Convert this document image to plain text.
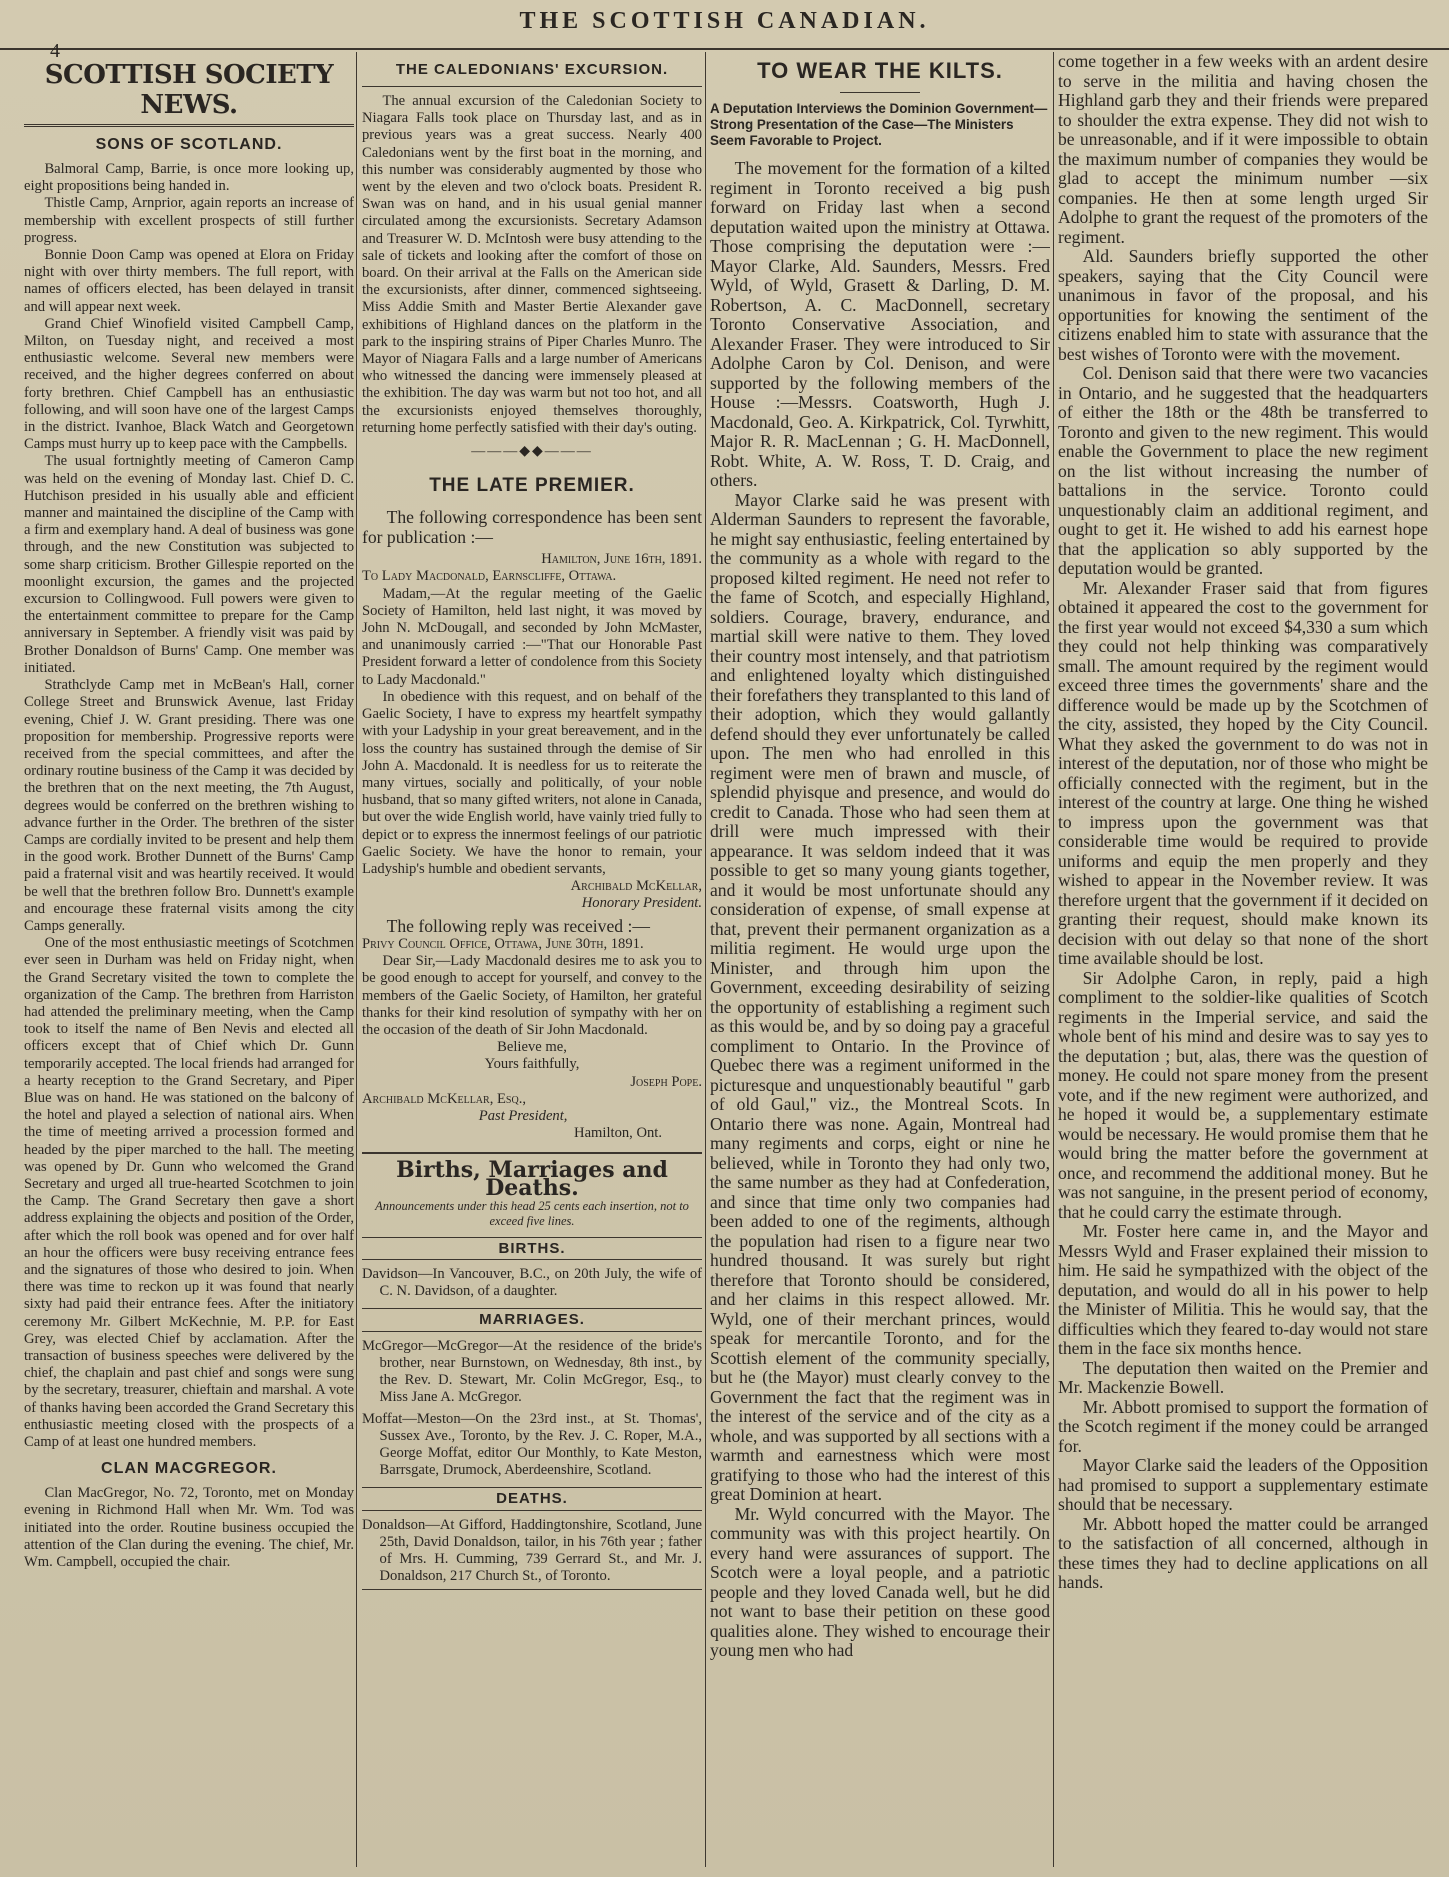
THE SCOTTISH CANADIAN.
4
SCOTTISH SOCIETY NEWS.
SONS OF SCOTLAND.

Balmoral Camp, Barrie, is once more looking up, eight propositions being handed in.

Thistle Camp, Arnprior, again reports an increase of membership with excellent prospects of still further progress.

Bonnie Doon Camp was opened at Elora on Friday night with over thirty members. The full report, with names of officers elected, has been delayed in transit and will appear next week.

Grand Chief Winofield visited Campbell Camp, Milton, on Tuesday night, and received a most enthusiastic welcome. Several new members were received, and the higher degrees conferred on about forty brethren. Chief Campbell has an enthusiastic following, and will soon have one of the largest Camps in the district. Ivanhoe, Black Watch and Georgetown Camps must hurry up to keep pace with the Campbells.

The usual fortnightly meeting of Cameron Camp was held on the evening of Monday last. Chief D. C. Hutchison presided in his usually able and efficient manner and maintained the discipline of the Camp with a firm and exemplary hand. A deal of business was gone through, and the new Constitution was subjected to some sharp criticism. Brother Gillespie reported on the moonlight excursion, the games and the projected excursion to Collingwood. Full powers were given to the entertainment committee to prepare for the Camp anniversary in September. A friendly visit was paid by Brother Donaldson of Burns' Camp. One member was initiated.

Strathclyde Camp met in McBean's Hall, corner College Street and Brunswick Avenue, last Friday evening, Chief J. W. Grant presiding. There was one proposition for membership. Progressive reports were received from the special committees, and after the ordinary routine business of the Camp it was decided by the brethren that on the next meeting, the 7th August, degrees would be conferred on the brethren wishing to advance further in the Order. The brethren of the sister Camps are cordially invited to be present and help them in the good work. Brother Dunnett of the Burns' Camp paid a fraternal visit and was heartily received. It would be well that the brethren follow Bro. Dunnett's example and encourage these fraternal visits among the city Camps generally.

One of the most enthusiastic meetings of Scotchmen ever seen in Durham was held on Friday night, when the Grand Secretary visited the town to complete the organization of the Camp. The brethren from Harriston had attended the preliminary meeting, when the Camp took to itself the name of Ben Nevis and elected all officers except that of Chief which Dr. Gunn temporarily accepted. The local friends had arranged for a hearty reception to the Grand Secretary, and Piper Blue was on hand. He was stationed on the balcony of the hotel and played a selection of national airs. When the time of meeting arrived a procession formed and headed by the piper marched to the hall. The meeting was opened by Dr. Gunn who welcomed the Grand Secretary and urged all true-hearted Scotchmen to join the Camp. The Grand Secretary then gave a short address explaining the objects and position of the Order, after which the roll book was opened and for over half an hour the officers were busy receiving entrance fees and the signatures of those who desired to join. When there was time to reckon up it was found that nearly sixty had paid their entrance fees. After the initiatory ceremony Mr. Gilbert McKechnie, M. P.P. for East Grey, was elected Chief by acclamation. After the transaction of business speeches were delivered by the chief, the chaplain and past chief and songs were sung by the secretary, treasurer, chieftain and marshal. A vote of thanks having been accorded the Grand Secretary this enthusiastic meeting closed with the prospects of a Camp of at least one hundred members.

CLAN MACGREGOR.

Clan MacGregor, No. 72, Toronto, met on Monday evening in Richmond Hall when Mr. Wm. Tod was initiated into the order. Routine business occupied the attention of the Clan during the evening. The chief, Mr. Wm. Campbell, occupied the chair.

THE CALEDONIANS' EXCURSION.

The annual excursion of the Caledonian Society to Niagara Falls took place on Thursday last, and as in previous years was a great success. Nearly 400 Caledonians went by the first boat in the morning, and this number was considerably augmented by those who went by the eleven and two o'clock boats. President R. Swan was on hand, and in his usual genial manner circulated among the excursionists. Secretary Adamson and Treasurer W. D. McIntosh were busy attending to the sale of tickets and looking after the comfort of those on board. On their arrival at the Falls on the American side the excursionists, after dinner, commenced sightseeing. Miss Addie Smith and Master Bertie Alexander gave exhibitions of Highland dances on the platform in the park to the inspiring strains of Piper Charles Munro. The Mayor of Niagara Falls and a large number of Americans who witnessed the dancing were immensely pleased at the exhibition. The day was warm but not too hot, and all the excursionists enjoyed themselves thoroughly, returning home perfectly satisfied with their day's outing.

———◆◆———
THE LATE PREMIER.

The following correspondence has been sent for publication :—

Hamilton, June 16th, 1891.
To Lady Macdonald, Earnscliffe, Ottawa.

Madam,—At the regular meeting of the Gaelic Society of Hamilton, held last night, it was moved by John N. McDougall, and seconded by John McMaster, and unanimously carried :—"That our Honorable Past President forward a letter of condolence from this Society to Lady Macdonald."

In obedience with this request, and on behalf of the Gaelic Society, I have to express my heartfelt sympathy with your Ladyship in your great bereavement, and in the loss the country has sustained through the demise of Sir John A. Macdonald. It is needless for us to reiterate the many virtues, socially and politically, of your noble husband, that so many gifted writers, not alone in Canada, but over the wide English world, have vainly tried fully to depict or to express the innermost feelings of our patriotic Gaelic Society. We have the honor to remain, your Ladyship's humble and obedient servants,

Archibald McKellar,
Honorary President.

The following reply was received :—

Privy Council Office, Ottawa, June 30th, 1891.

Dear Sir,—Lady Macdonald desires me to ask you to be good enough to accept for yourself, and convey to the members of the Gaelic Society, of Hamilton, her grateful thanks for their kind resolution of sympathy with her on the occasion of the death of Sir John Macdonald.

Believe me,
Yours faithfully,
Joseph Pope.
Archibald McKellar, Esq.,
Past President,
Hamilton, Ont.
Births, Marriages and Deaths.
Announcements under this head 25 cents each insertion, not to exceed five lines.
BIRTHS.

Davidson—In Vancouver, B.C., on 20th July, the wife of C. N. Davidson, of a daughter.

MARRIAGES.

McGregor—McGregor—At the residence of the bride's brother, near Burnstown, on Wednesday, 8th inst., by the Rev. D. Stewart, Mr. Colin McGregor, Esq., to Miss Jane A. McGregor.

Moffat—Meston—On the 23rd inst., at St. Thomas', Sussex Ave., Toronto, by the Rev. J. C. Roper, M.A., George Moffat, editor Our Monthly, to Kate Meston, Barrsgate, Drumock, Aberdeenshire, Scotland.

DEATHS.

Donaldson—At Gifford, Haddingtonshire, Scotland, June 25th, David Donaldson, tailor, in his 76th year ; father of Mrs. H. Cumming, 739 Gerrard St., and Mr. J. Donaldson, 217 Church St., of Toronto.

TO WEAR THE KILTS.
A Deputation Interviews the Dominion Government—Strong Presentation of the Case—The Ministers Seem Favorable to Project.

The movement for the formation of a kilted regiment in Toronto received a big push forward on Friday last when a second deputation waited upon the ministry at Ottawa. Those comprising the deputation were :—Mayor Clarke, Ald. Saunders, Messrs. Fred Wyld, of Wyld, Grasett & Darling, D. M. Robertson, A. C. MacDonnell, secretary Toronto Conservative Association, and Alexander Fraser. They were introduced to Sir Adolphe Caron by Col. Denison, and were supported by the following members of the House :—Messrs. Coatsworth, Hugh J. Macdonald, Geo. A. Kirkpatrick, Col. Tyrwhitt, Major R. R. MacLennan ; G. H. MacDonnell, Robt. White, A. W. Ross, T. D. Craig, and others.

Mayor Clarke said he was present with Alderman Saunders to represent the favorable, he might say enthusiastic, feeling entertained by the community as a whole with regard to the proposed kilted regiment. He need not refer to the fame of Scotch, and especially Highland, soldiers. Courage, bravery, endurance, and martial skill were native to them. They loved their country most intensely, and that patriotism and enlightened loyalty which distinguished their forefathers they transplanted to this land of their adoption, which they would gallantly defend should they ever unfortunately be called upon. The men who had enrolled in this regiment were men of brawn and muscle, of splendid phyisque and presence, and would do credit to Canada. Those who had seen them at drill were much impressed with their appearance. It was seldom indeed that it was possible to get so many young giants together, and it would be most unfortunate should any consideration of expense, of small expense at that, prevent their permanent organization as a militia regiment. He would urge upon the Minister, and through him upon the Government, exceeding desirability of seizing the opportunity of establishing a regiment such as this would be, and by so doing pay a graceful compliment to Ontario. In the Province of Quebec there was a regiment uniformed in the picturesque and unquestionably beautiful " garb of old Gaul," viz., the Montreal Scots. In Ontario there was none. Again, Montreal had many regiments and corps, eight or nine he believed, while in Toronto they had only two, the same number as they had at Confederation, and since that time only two companies had been added to one of the regiments, although the population had risen to a figure near two hundred thousand. It was surely but right therefore that Toronto should be considered, and her claims in this respect allowed. Mr. Wyld, one of their merchant princes, would speak for mercantile Toronto, and for the Scottish element of the community specially, but he (the Mayor) must clearly convey to the Government the fact that the regiment was in the interest of the service and of the city as a whole, and was supported by all sections with a warmth and earnestness which were most gratifying to those who had the interest of this great Dominion at heart.

Mr. Wyld concurred with the Mayor. The community was with this project heartily. On every hand were assurances of support. The Scotch were a loyal people, and a patriotic people and they loved Canada well, but he did not want to base their petition on these good qualities alone. They wished to encourage their young men who had

come together in a few weeks with an ardent desire to serve in the militia and having chosen the Highland garb they and their friends were prepared to shoulder the extra expense. They did not wish to be unreasonable, and if it were impossible to obtain the maximum number of companies they would be glad to accept the minimum number —six companies. He then at some length urged Sir Adolphe to grant the request of the promoters of the regiment.

Ald. Saunders briefly supported the other speakers, saying that the City Council were unanimous in favor of the proposal, and his opportunities for knowing the sentiment of the citizens enabled him to state with assurance that the best wishes of Toronto were with the movement.

Col. Denison said that there were two vacancies in Ontario, and he suggested that the headquarters of either the 18th or the 48th be transferred to Toronto and given to the new regiment. This would enable the Government to place the new regiment on the list without increasing the number of battalions in the service. Toronto could unquestionably claim an additional regiment, and ought to get it. He wished to add his earnest hope that the application so ably supported by the deputation would be granted.

Mr. Alexander Fraser said that from figures obtained it appeared the cost to the government for the first year would not exceed $4,330 a sum which they could not help thinking was comparatively small. The amount required by the regiment would exceed three times the governments' share and the difference would be made up by the Scotchmen of the city, assisted, they hoped by the City Council. What they asked the government to do was not in interest of the deputation, nor of those who might be officially connected with the regiment, but in the interest of the country at large. One thing he wished to impress upon the government was that considerable time would be required to provide uniforms and equip the men properly and they wished to appear in the November review. It was therefore urgent that the government if it decided on granting their request, should make known its decision with out delay so that none of the short time available should be lost.

Sir Adolphe Caron, in reply, paid a high compliment to the soldier-like qualities of Scotch regiments in the Imperial service, and said the whole bent of his mind and desire was to say yes to the deputation ; but, alas, there was the question of money. He could not spare money from the present vote, and if the new regiment were authorized, and he hoped it would be, a supplementary estimate would be necessary. He would promise them that he would bring the matter before the government at once, and recommend the additional money. But he was not sanguine, in the present period of economy, that he could carry the estimate through.

Mr. Foster here came in, and the Mayor and Messrs Wyld and Fraser explained their mission to him. He said he sympathized with the object of the deputation, and would do all in his power to help the Minister of Militia. This he would say, that the difficulties which they feared to-day would not stare them in the face six months hence.

The deputation then waited on the Premier and Mr. Mackenzie Bowell.

Mr. Abbott promised to support the formation of the Scotch regiment if the money could be arranged for.

Mayor Clarke said the leaders of the Opposition had promised to support a supplementary estimate should that be necessary.

Mr. Abbott hoped the matter could be arranged to the satisfaction of all concerned, although in these times they had to decline applications on all hands.
